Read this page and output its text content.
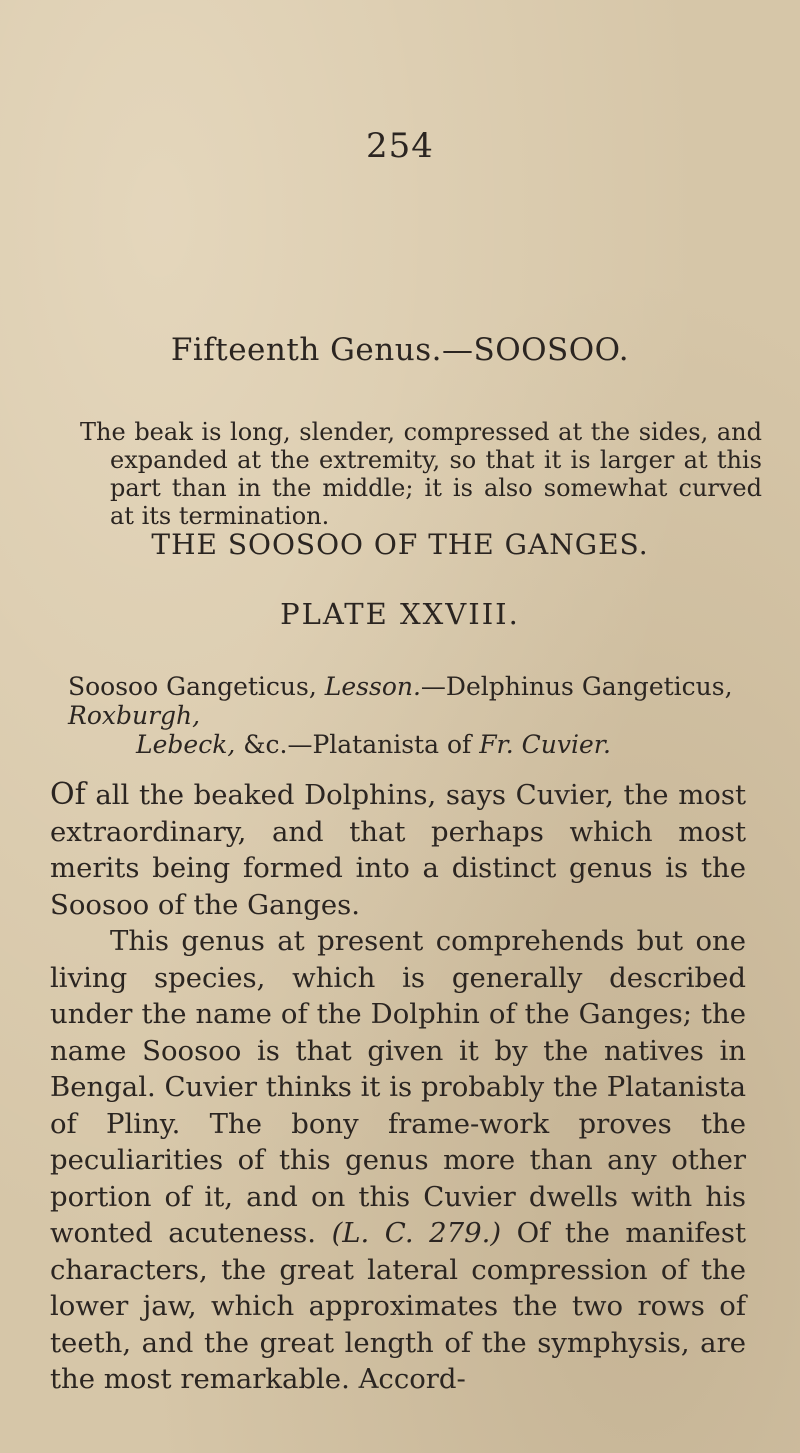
254
Fifteenth Genus.—SOOSOO.
The beak is long, slender, compressed at the sides, and expanded at the extremity, so that it is larger at this part than in the middle; it is also somewhat curved at its termination.
THE SOOSOO OF THE GANGES.
PLATE XXVIII.
Soosoo Gangeticus, Lesson.—Delphinus Gangeticus, Roxburgh,
Lebeck, &c.—Platanista of Fr. Cuvier.

Of all the beaked Dolphins, says Cuvier, the most extraordinary, and that perhaps which most merits being formed into a distinct genus is the Soosoo of the Ganges.

This genus at present comprehends but one living species, which is generally described under the name of the Dolphin of the Ganges; the name Soosoo is that given it by the natives in Bengal. Cuvier thinks it is probably the Platanista of Pliny. The bony frame-work proves the peculiarities of this genus more than any other portion of it, and on this Cuvier dwells with his wonted acuteness. (L. C. 279.) Of the manifest characters, the great lateral compression of the lower jaw, which approximates the two rows of teeth, and the great length of the symphysis, are the most remarkable. Accord-
